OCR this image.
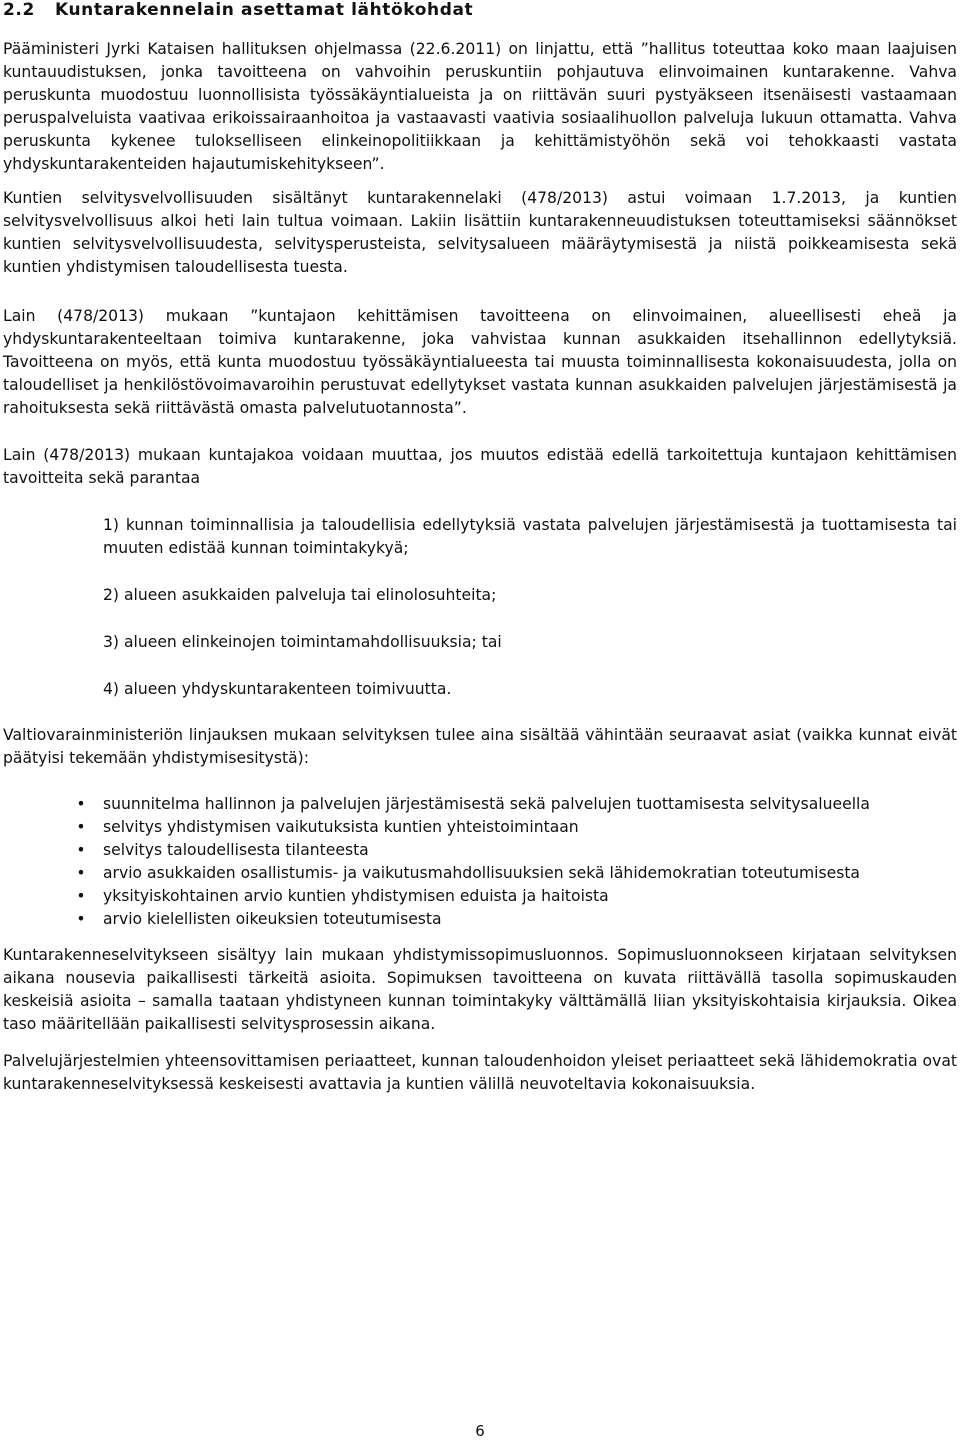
2.2 Kuntarakennelain asettamat lähtökohdat

Pääministeri Jyrki Kataisen hallituksen ohjelmassa (22.6.2011) on linjattu, että ”hallitus toteuttaa koko maan laajuisen kuntauudistuksen, jonka tavoitteena on vahvoihin peruskuntiin pohjautuva elinvoimainen kuntarakenne. Vahva peruskunta muodostuu luonnollisista työssäkäyntialueista ja on riittävän suuri pystyäkseen itsenäisesti vastaamaan peruspalveluista vaativaa erikoissairaanhoitoa ja vastaavasti vaativia sosiaalihuollon palveluja lukuun ottamatta. Vahva peruskunta kykenee tulokselliseen elinkeinopolitiikkaan ja kehittämistyöhön sekä voi tehokkaasti vastata yhdyskuntarakenteiden hajautumiskehitykseen”.

Kuntien selvitysvelvollisuuden sisältänyt kuntarakennelaki (478/2013) astui voimaan 1.7.2013, ja kuntien selvitysvelvollisuus alkoi heti lain tultua voimaan. Lakiin lisättiin kuntarakenneuudistuksen toteuttamiseksi säännökset kuntien selvitysvelvollisuudesta, selvitysperusteista, selvitysalueen määräytymisestä ja niistä poikkeamisesta sekä kuntien yhdistymisen taloudellisesta tuesta.

Lain (478/2013) mukaan ”kuntajaon kehittämisen tavoitteena on elinvoimainen, alueellisesti eheä ja yhdyskuntarakenteeltaan toimiva kuntarakenne, joka vahvistaa kunnan asukkaiden itsehallinnon edellytyksiä. Tavoitteena on myös, että kunta muodostuu työssäkäyntialueesta tai muusta toiminnallisesta kokonaisuudesta, jolla on taloudelliset ja henkilöstövoimavaroihin perustuvat edellytykset vastata kunnan asukkaiden palvelujen järjestämisestä ja rahoituksesta sekä riittävästä omasta palvelutuotannosta”.

Lain (478/2013) mukaan kuntajakoa voidaan muuttaa, jos muutos edistää edellä tarkoitettuja kuntajaon kehittämisen tavoitteita sekä parantaa

1) kunnan toiminnallisia ja taloudellisia edellytyksiä vastata palvelujen järjestämisestä ja tuottamisesta tai muuten edistää kunnan toimintakykyä;
2) alueen asukkaiden palveluja tai elinolosuhteita;
3) alueen elinkeinojen toimintamahdollisuuksia; tai
4) alueen yhdyskuntarakenteen toimivuutta.

Valtiovarainministeriön linjauksen mukaan selvityksen tulee aina sisältää vähintään seuraavat asiat (vaikka kunnat eivät päätyisi tekemään yhdistymisesitystä):

•	suunnitelma hallinnon ja palvelujen järjestämisestä sekä palvelujen tuottamisesta selvitysalueella
•	selvitys yhdistymisen vaikutuksista kuntien yhteistoimintaan
•	selvitys taloudellisesta tilanteesta
•	arvio asukkaiden osallistumis- ja vaikutusmahdollisuuksien sekä lähidemokratian toteutumisesta
•	yksityiskohtainen arvio kuntien yhdistymisen eduista ja haitoista
•	arvio kielellisten oikeuksien toteutumisesta

Kuntarakenneselvitykseen sisältyy lain mukaan yhdistymissopimusluonnos. Sopimusluonnokseen kirjataan selvityksen aikana nousevia paikallisesti tärkeitä asioita. Sopimuksen tavoitteena on kuvata riittävällä tasolla sopimuskauden keskeisiä asioita – samalla taataan yhdistyneen kunnan toimintakyky välttämällä liian yksityiskohtaisia kirjauksia. Oikea taso määritellään paikallisesti selvitysprosessin aikana.

Palvelujärjestelmien yhteensovittamisen periaatteet, kunnan taloudenhoidon yleiset periaatteet sekä lähidemokratia ovat kuntarakenneselvityksessä keskeisesti avattavia ja kuntien välillä neuvoteltavia kokonaisuuksia.

6
